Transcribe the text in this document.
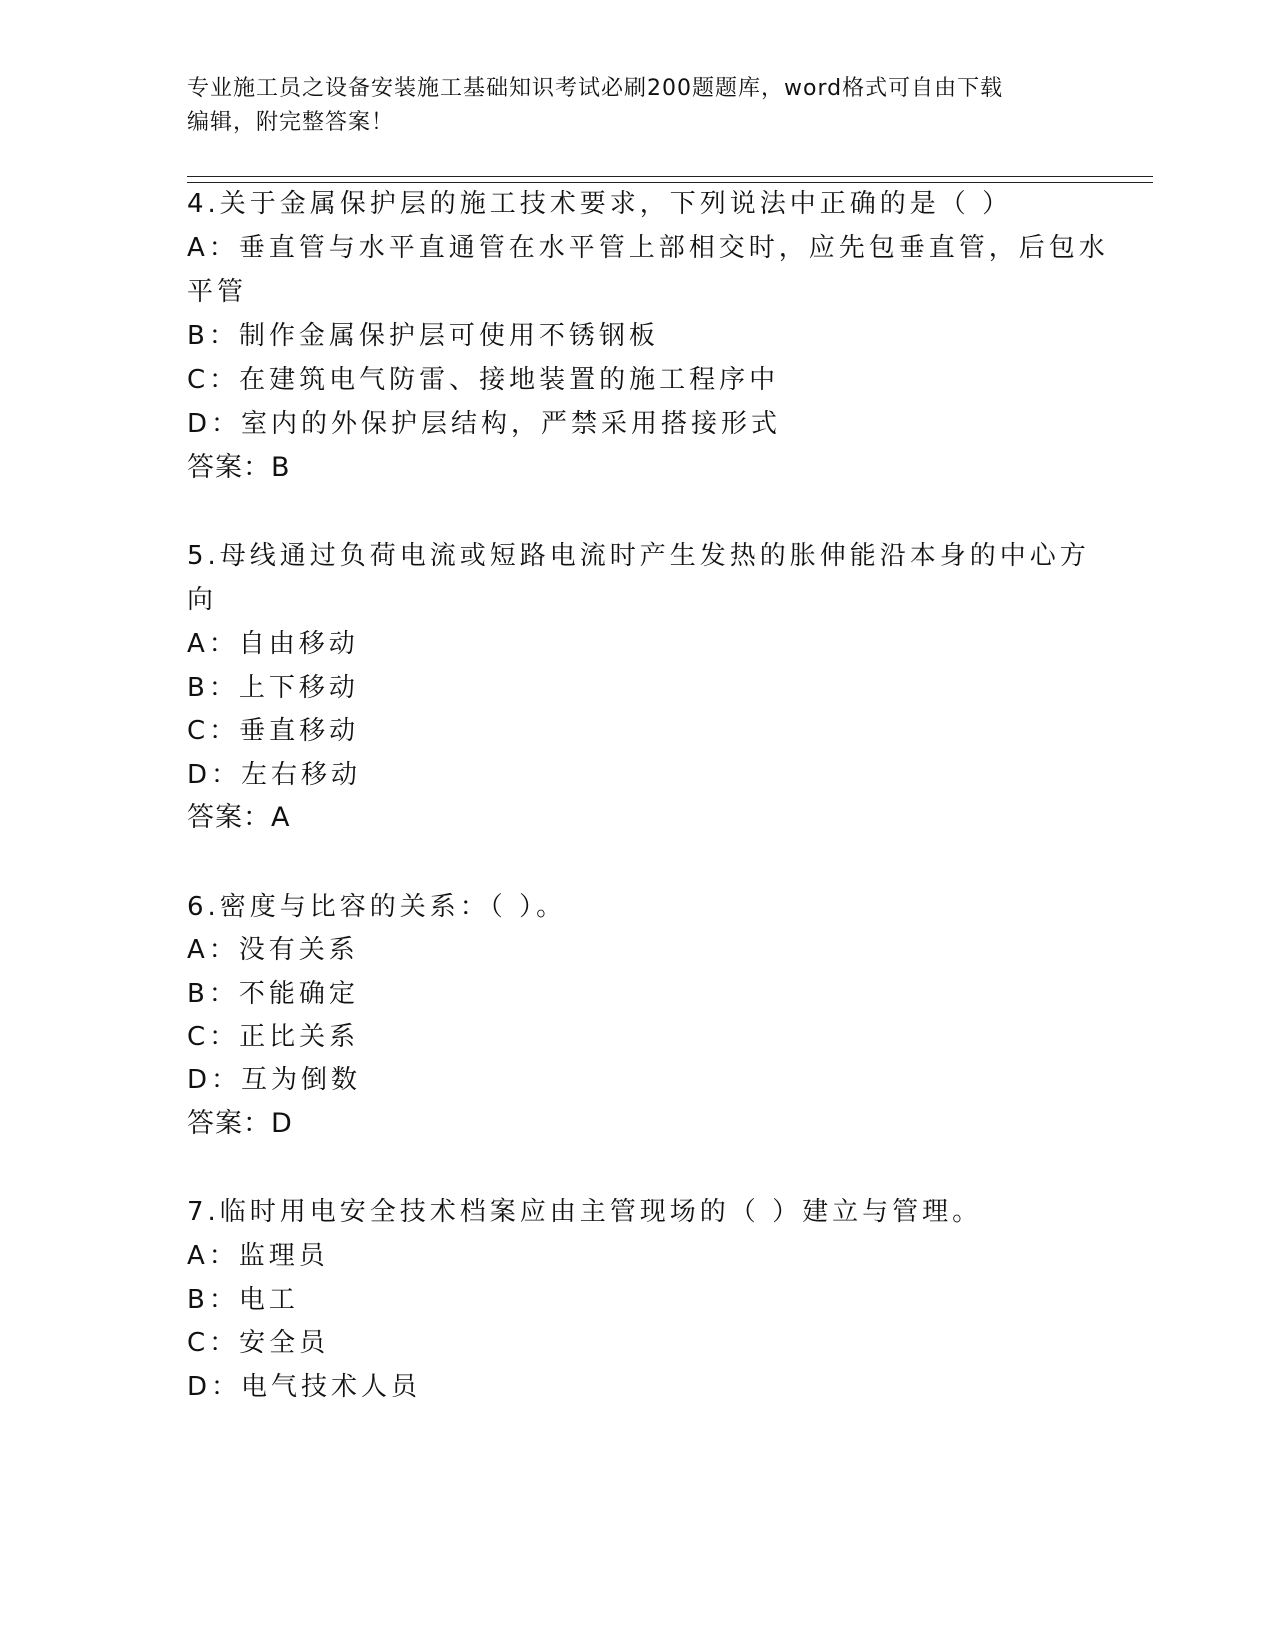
专业施工员之设备安装施工基础知识考试必刷200题题库，word格式可自由下载
编辑，附完整答案！
4.关于金属保护层的施工技术要求，下列说法中正确的是（ ）
A：垂直管与水平直通管在水平管上部相交时，应先包垂直管，后包水
平管
B：制作金属保护层可使用不锈钢板
C：在建筑电气防雷、接地装置的施工程序中
D：室内的外保护层结构，严禁采用搭接形式
答案：B
5.母线通过负荷电流或短路电流时产生发热的胀伸能沿本身的中心方
向
A：自由移动
B：上下移动
C：垂直移动
D：左右移动
答案：A
6.密度与比容的关系：（ ）。
A：没有关系
B：不能确定
C：正比关系
D：互为倒数
答案：D
7.临时用电安全技术档案应由主管现场的（ ）建立与管理。
A：监理员
B：电工
C：安全员
D：电气技术人员
